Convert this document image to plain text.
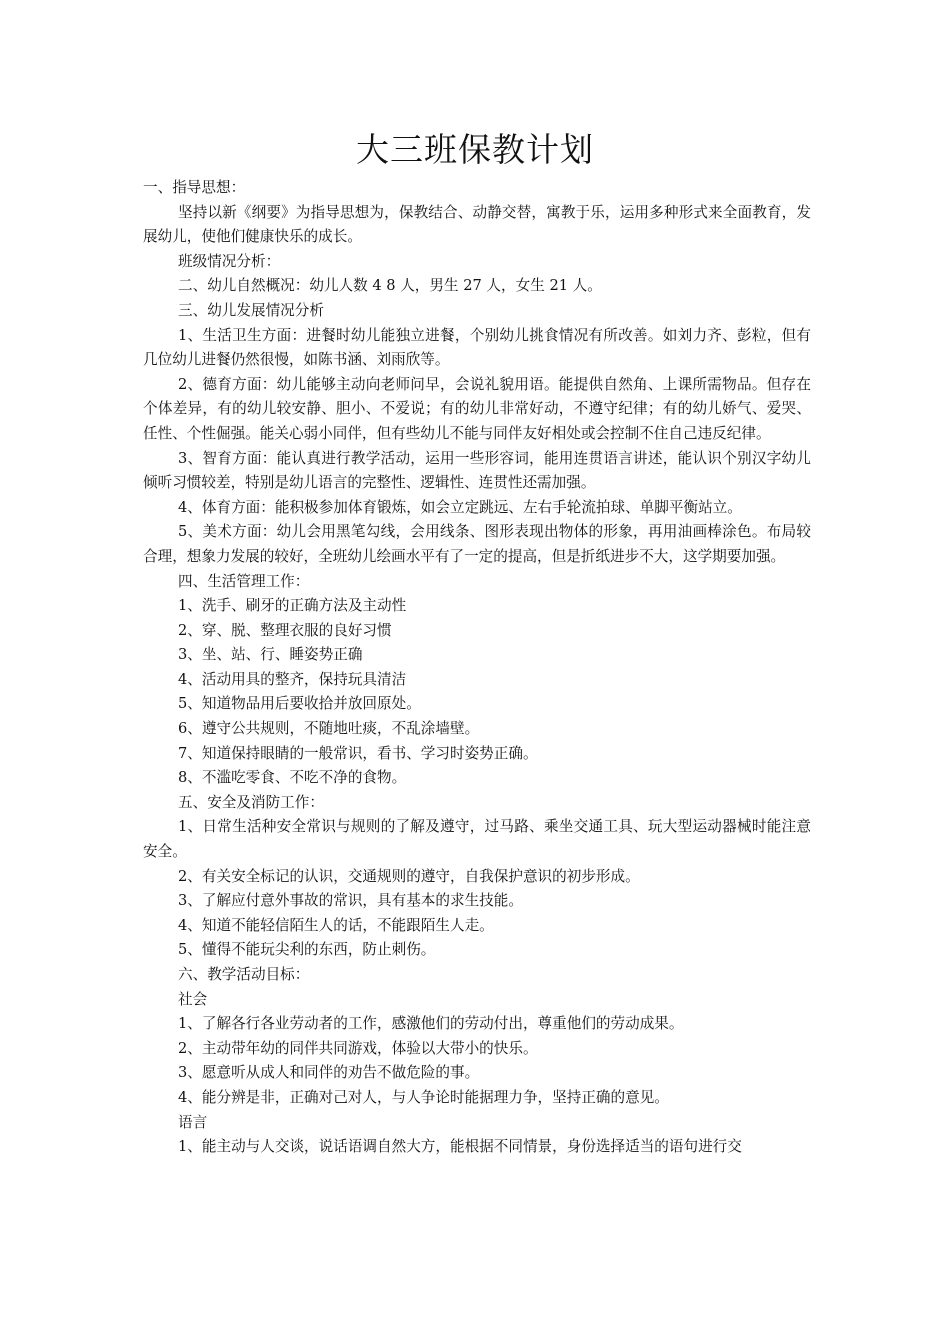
大三班保教计划

一、指导思想：

坚持以新《纲要》为指导思想为，保教结合、动静交替，寓教于乐，运用多种形式来全面教育，发展幼儿，使他们健康快乐的成长。

班级情况分析：

二、幼儿自然概况：幼儿人数 4 8 人，男生 27 人，女生 21 人。

三、幼儿发展情况分析

1、生活卫生方面：进餐时幼儿能独立进餐，个别幼儿挑食情况有所改善。如刘力齐、彭粒，但有几位幼儿进餐仍然很慢，如陈书涵、刘雨欣等。

2、德育方面：幼儿能够主动向老师问早，会说礼貌用语。能提供自然角、上课所需物品。但存在个体差异，有的幼儿较安静、胆小、不爱说；有的幼儿非常好动，不遵守纪律；有的幼儿娇气、爱哭、任性、个性倔强。能关心弱小同伴，但有些幼儿不能与同伴友好相处或会控制不住自己违反纪律。

3、智育方面：能认真进行教学活动，运用一些形容词，能用连贯语言讲述，能认识个别汉字幼儿倾听习惯较差，特别是幼儿语言的完整性、逻辑性、连贯性还需加强。

4、体育方面：能积极参加体育锻炼，如会立定跳远、左右手轮流拍球、单脚平衡站立。

5、美术方面：幼儿会用黑笔勾线，会用线条、图形表现出物体的形象，再用油画棒涂色。布局较合理，想象力发展的较好，全班幼儿绘画水平有了一定的提高，但是折纸进步不大，这学期要加强。

四、生活管理工作：

1、洗手、刷牙的正确方法及主动性

2、穿、脱、整理衣服的良好习惯

3、坐、站、行、睡姿势正确

4、活动用具的整齐，保持玩具清洁

5、知道物品用后要收拾并放回原处。

6、遵守公共规则，不随地吐痰，不乱涂墙壁。

7、知道保持眼睛的一般常识，看书、学习时姿势正确。

8、不滥吃零食、不吃不净的食物。

五、安全及消防工作：

1、日常生活种安全常识与规则的了解及遵守，过马路、乘坐交通工具、玩大型运动器械时能注意安全。

2、有关安全标记的认识，交通规则的遵守，自我保护意识的初步形成。

3、了解应付意外事故的常识，具有基本的求生技能。

4、知道不能轻信陌生人的话，不能跟陌生人走。

5、懂得不能玩尖利的东西，防止刺伤。

六、教学活动目标：

社会

1、了解各行各业劳动者的工作，感激他们的劳动付出，尊重他们的劳动成果。

2、主动带年幼的同伴共同游戏，体验以大带小的快乐。

3、愿意听从成人和同伴的劝告不做危险的事。

4、能分辨是非，正确对己对人，与人争论时能据理力争，坚持正确的意见。

语言

1、能主动与人交谈，说话语调自然大方，能根据不同情景，身份选择适当的语句进行交
